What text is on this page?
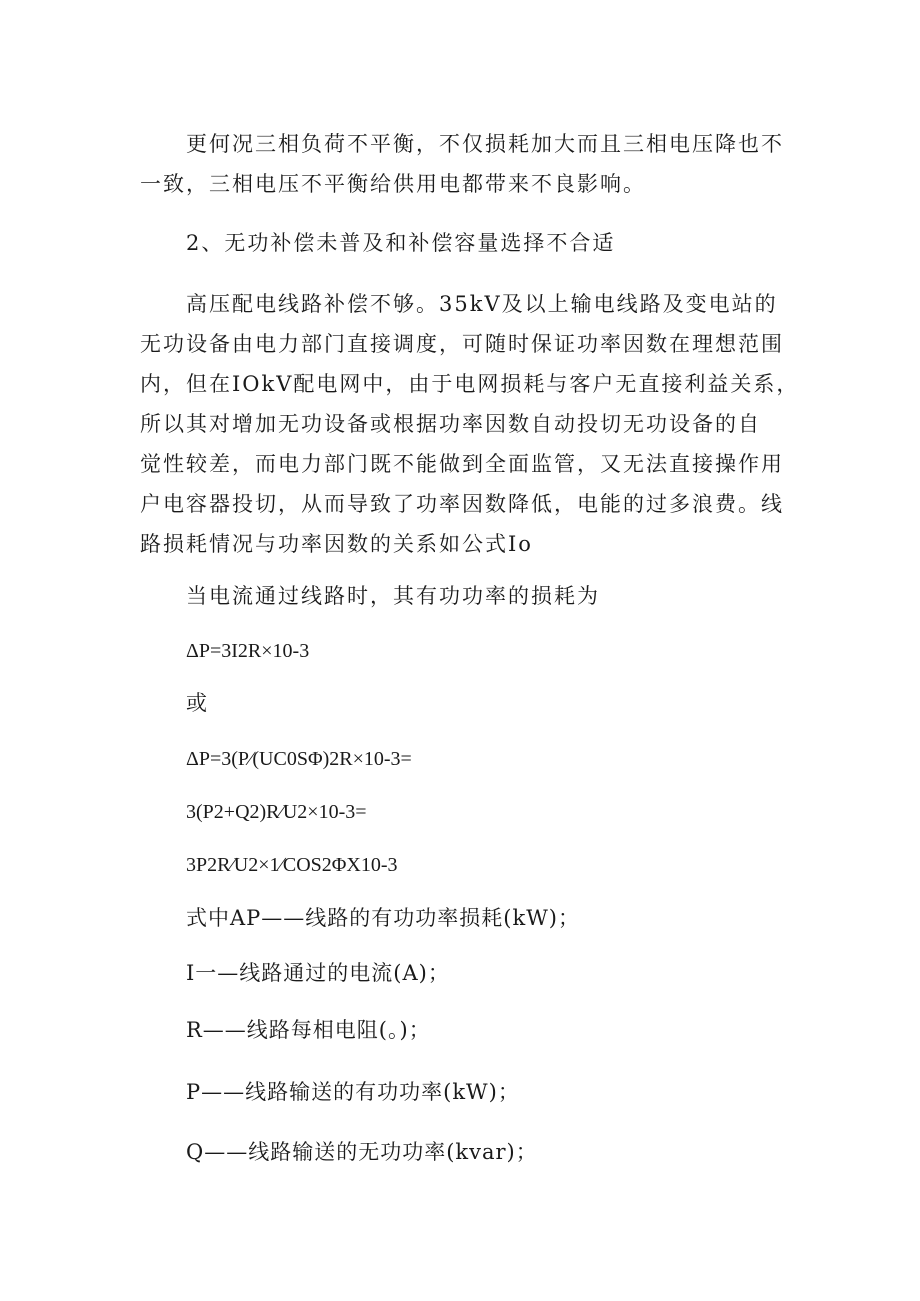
更何况三相负荷不平衡，不仅损耗加大而且三相电压降也不
一致，三相电压不平衡给供用电都带来不良影响。

2、无功补偿未普及和补偿容量选择不合适

高压配电线路补偿不够。35kV及以上输电线路及变电站的
无功设备由电力部门直接调度，可随时保证功率因数在理想范围
内，但在IOkV配电网中，由于电网损耗与客户无直接利益关系，
所以其对增加无功设备或根据功率因数自动投切无功设备的自
觉性较差，而电力部门既不能做到全面监管，又无法直接操作用
户电容器投切，从而导致了功率因数降低，电能的过多浪费。线
路损耗情况与功率因数的关系如公式Io

当电流通过线路时，其有功功率的损耗为

ΔP=3I2R×10-3

或

ΔP=3(P∕(UC0SΦ)2R×10-3=

3(P2+Q2)R∕U2×10-3=

3P2R∕U2×1∕COS2ΦX10-3

式中AP——线路的有功功率损耗(kW)；

I一—线路通过的电流(A)；

R——线路每相电阻(。)；

P——线路输送的有功功率(kW)；

Q——线路输送的无功功率(kvar)；
